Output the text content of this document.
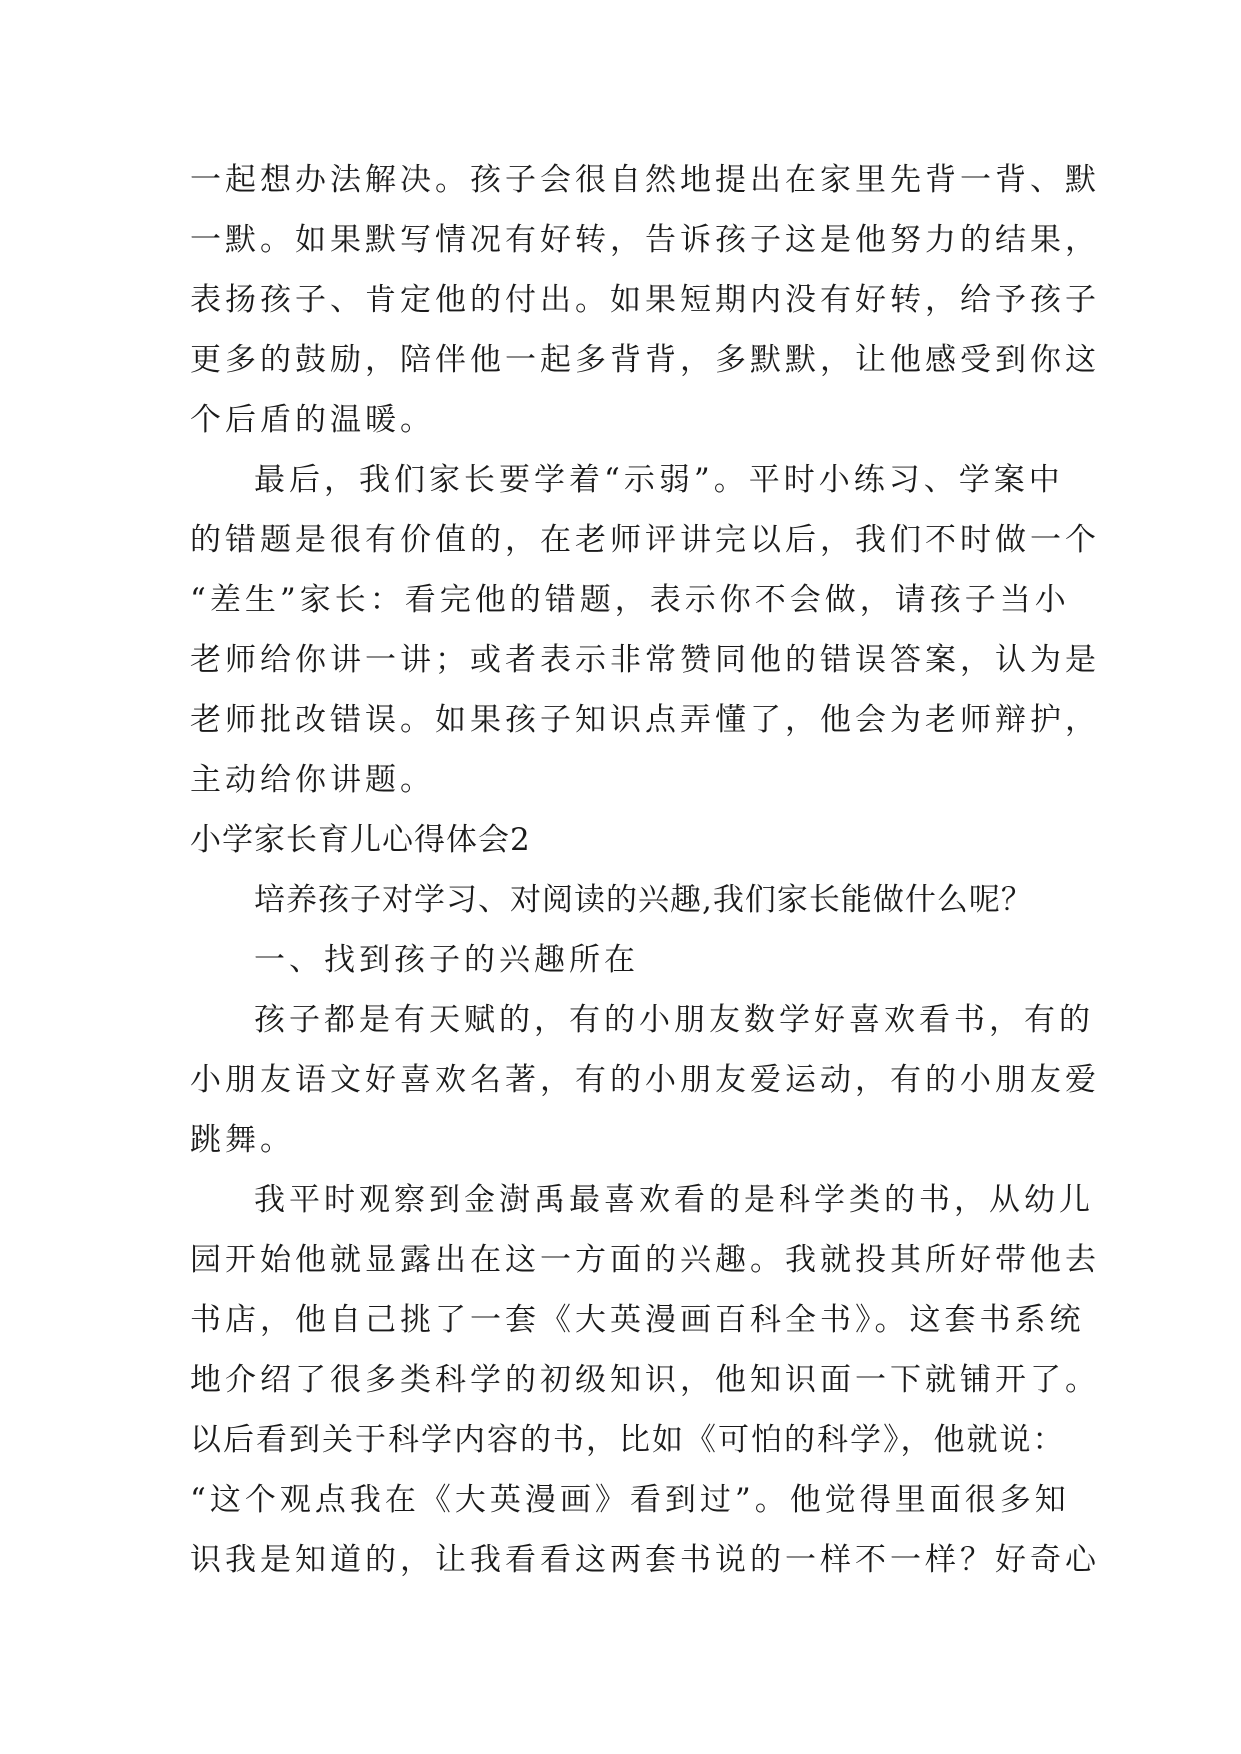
一起想办法解决。孩子会很自然地提出在家里先背一背、默
一默。如果默写情况有好转，告诉孩子这是他努力的结果，
表扬孩子、肯定他的付出。如果短期内没有好转，给予孩子
更多的鼓励，陪伴他一起多背背，多默默，让他感受到你这
个后盾的温暖。
最后，我们家长要学着“示弱”。平时小练习、学案中
的错题是很有价值的，在老师评讲完以后，我们不时做一个
“差生”家长：看完他的错题，表示你不会做，请孩子当小
老师给你讲一讲；或者表示非常赞同他的错误答案，认为是
老师批改错误。如果孩子知识点弄懂了，他会为老师辩护，
主动给你讲题。
小学家长育儿心得体会2
培养孩子对学习、对阅读的兴趣,我们家长能做什么呢？
一、找到孩子的兴趣所在
孩子都是有天赋的，有的小朋友数学好喜欢看书，有的
小朋友语文好喜欢名著，有的小朋友爱运动，有的小朋友爱
跳舞。
我平时观察到金澍禹最喜欢看的是科学类的书，从幼儿
园开始他就显露出在这一方面的兴趣。我就投其所好带他去
书店，他自己挑了一套《大英漫画百科全书》。这套书系统
地介绍了很多类科学的初级知识，他知识面一下就铺开了。
以后看到关于科学内容的书，比如《可怕的科学》，他就说：
“这个观点我在《大英漫画》看到过”。他觉得里面很多知
识我是知道的，让我看看这两套书说的一样不一样？好奇心
